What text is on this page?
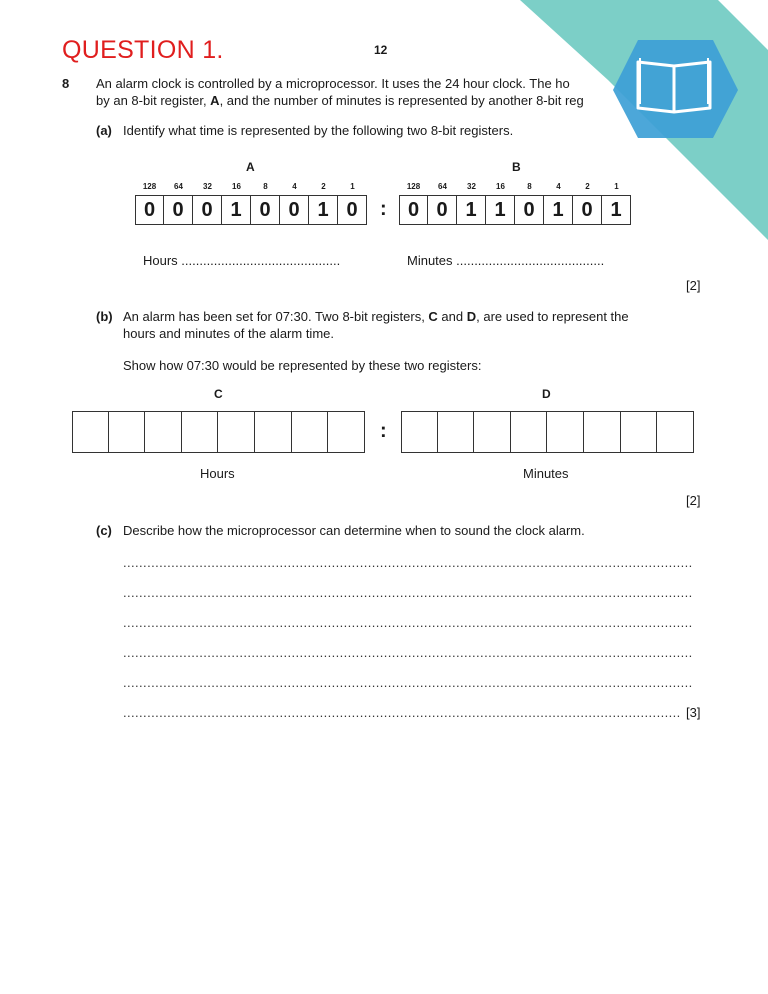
QUESTION 1.	12
8 An alarm clock is controlled by a microprocessor. It uses the 24 hour clock. The ho
by an 8-bit register, A, and the number of minutes is represented by another 8-bit reg
(a) Identify what time is represented by the following two 8-bit registers.
A	B
128	64	32	16	8	4	2	1	128	64	32	16	8	4	2	1
0 0 0 1 0 0 1 0	:	0 0 1 1 0 1 0 1
Hours ............................................	Minutes .........................................
[2]
(b) An alarm has been set for 07:30. Two 8-bit registers, C and D, are used to represent the
hours and minutes of the alarm time.
Show how 07:30 would be represented by these two registers:
C	D
:
Hours	Minutes
[2]
(c) Describe how the microprocessor can determine when to sound the clock alarm.
..............................................................................................................................................
..............................................................................................................................................
..............................................................................................................................................
..............................................................................................................................................
..............................................................................................................................................
........................................................................................................................................... [3]
